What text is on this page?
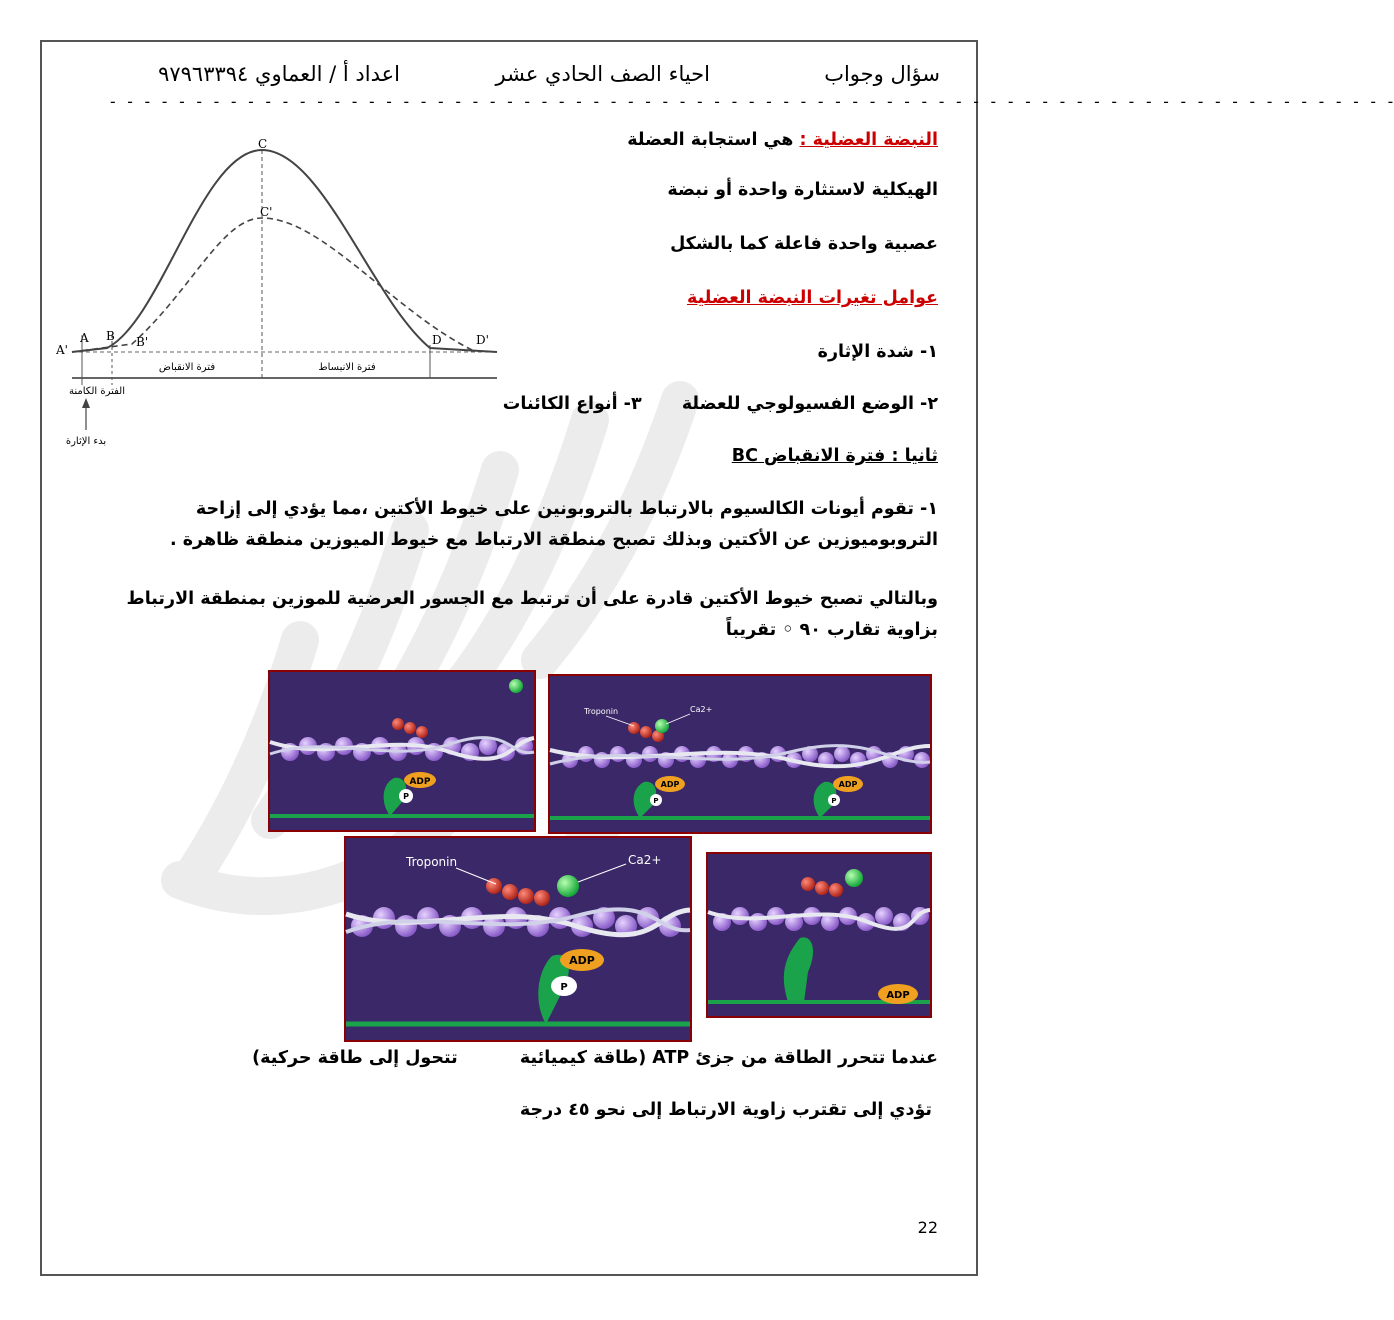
سؤال وجواب
احياء الصف الحادي عشر
اعداد أ / العماوي ٩٧٩٦٣٣٩٤
- - - - - - - - - - - - - - - - - - - - - - - - - - - - - - - - - - - - - - - - - - - - - - - - - - - - - - - - - - - - - - - - - - - - - - - - - - -
النبضة العضلية : هي استجابة العضلة
الهيكلية لاستثارة واحدة أو نبضة
عصبية واحدة فاعلة كما بالشكل
عوامل تغيرات النبضة العضلية
١- شدة الإثارة
٢- الوضع الفسيولوجي للعضلة  ٣- أنواع الكائنات
ثانيا : فترة الانقباض BC
C
C'
A
A'
B B'	D	D'
فترة الانقباض	فترة الانبساط
الفترة الكامنة
بدء الإثارة
١- تقوم أيونات الكالسيوم بالارتباط بالتروبونين على خيوط الأكتين ،مما يؤدي إلى إزاحة التروبوميوزين عن الأكتين وبذلك تصبح منطقة الارتباط مع خيوط الميوزين منطقة ظاهرة .
وبالتالي تصبح خيوط الأكتين قادرة على أن ترتبط مع الجسور العرضية للموزين بمنطقة الارتباط بزاوية تقارب ٩٠ ◦ تقريباً
ADP
P
Troponin	Ca2+
ADP
P
ADP
P
Troponin	Ca2+
ADP
P
ADP
عندما تتحرر الطاقة من جزئ ATP (طاقة كيميائية  تتحول إلى طاقة حركية)
تؤدي إلى تقترب زاوية الارتباط إلى نحو ٤٥ درجة
22
